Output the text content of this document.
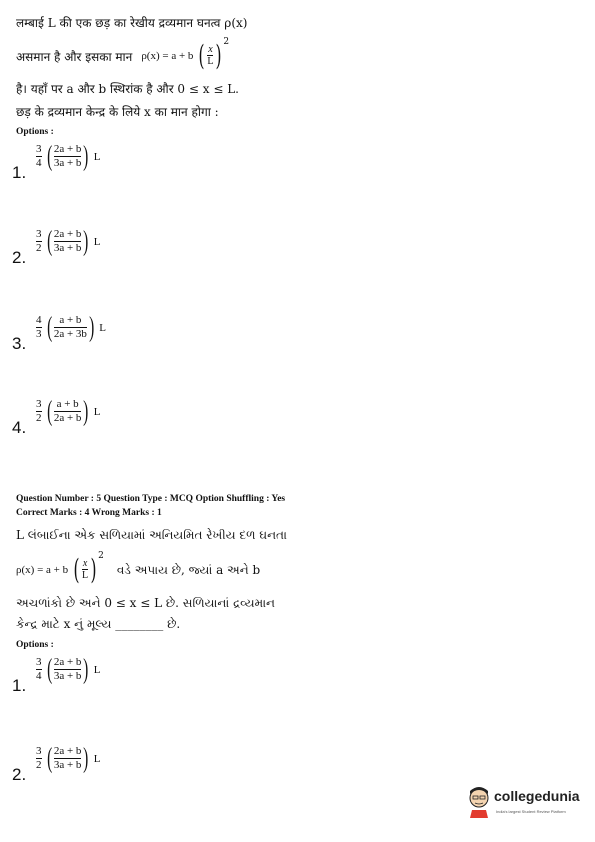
लम्बाई L की एक छड़ का रेखीय द्रव्यमान घनत्व ρ(x)
असमान है और इसका मान ρ(x) = a + b ( $\frac{x}{L}$ ) 2
है। यहाँ पर a और b स्थिरांक है और 0 ≤ x ≤ L.
छड़ के द्रव्यमान केन्द्र के लिये x का मान होगा :
Options :
1.
$\frac{3}{4}$ ( $\frac{2a + b}{3a + b}$ ) L
2.
$\frac{3}{2}$ ( $\frac{2a + b}{3a + b}$ ) L
3.
$\frac{4}{3}$ ( $\frac{a + b}{2a + 3b}$ ) L
4.
$\frac{3}{2}$ ( $\frac{a + b}{2a + b}$ ) L
Question Number : 5 Question Type : MCQ Option Shuffling : Yes
Correct Marks : 4 Wrong Marks : 1
L લંબાઈના એક સળિયામાં અનિયમિત રેખીય દળ ઘનતા
ρ(x) = a + b ( $\frac{x}{L}$ ) 2
વડે અપાય છે, જ્યાં a અને b
અચળાંકો છે અને 0 ≤ x ≤ L છે. સળિયાનાં દ્રવ્યમાન
કેન્દ્ર માટે x નું મૂલ્ય ________ છે.
Options :
1.
$\frac{3}{4}$ ( $\frac{2a + b}{3a + b}$ ) L
2.
$\frac{3}{2}$ ( $\frac{2a + b}{3a + b}$ ) L
collegedunia
India's largest Student Review Platform
